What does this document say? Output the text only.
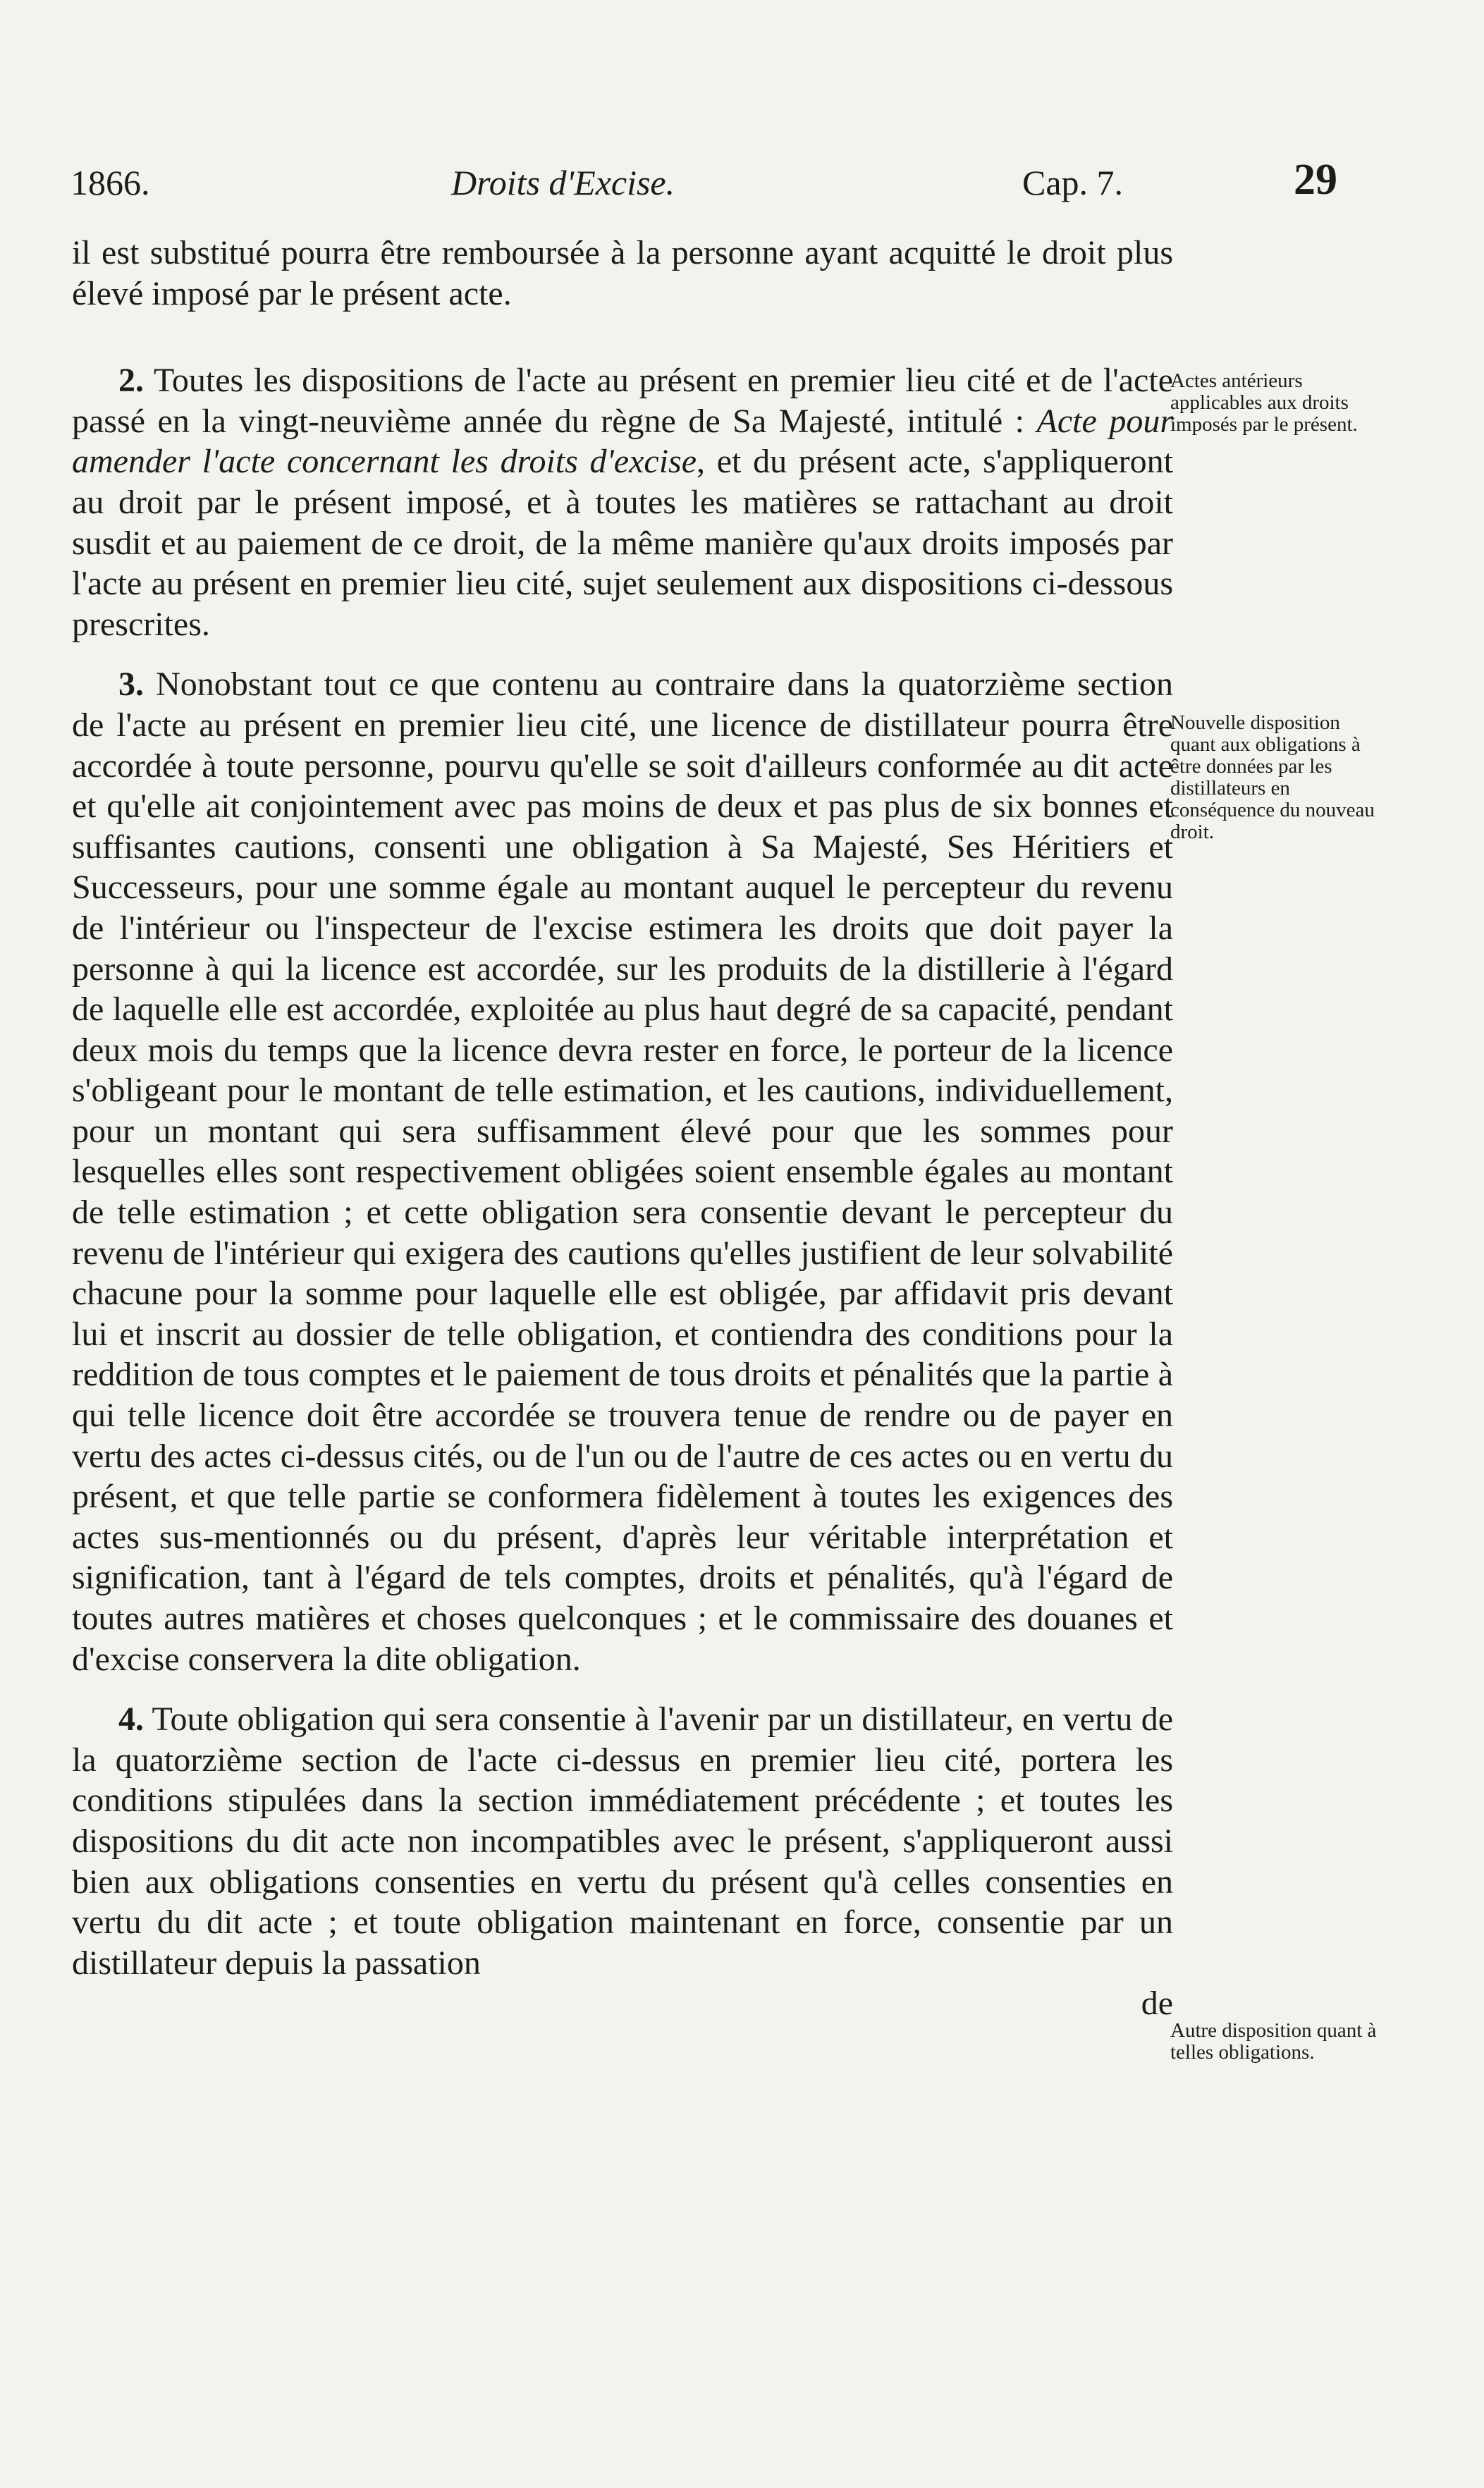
1866.	Droits d'Excise.	Cap. 7.	29

il est substitué pourra être remboursée à la personne ayant acquitté le droit plus élevé imposé par le présent acte.

2. Toutes les dispositions de l'acte au présent en premier lieu cité et de l'acte passé en la vingt-neuvième année du règne de Sa Majesté, intitulé : Acte pour amender l'acte concernant les droits d'excise, et du présent acte, s'appliqueront au droit par le présent imposé, et à toutes les matières se rattachant au droit susdit et au paiement de ce droit, de la même manière qu'aux droits imposés par l'acte au présent en premier lieu cité, sujet seulement aux dispositions ci-dessous prescrites.

3. Nonobstant tout ce que contenu au contraire dans la quatorzième section de l'acte au présent en premier lieu cité, une licence de distillateur pourra être accordée à toute personne, pourvu qu'elle se soit d'ailleurs conformée au dit acte et qu'elle ait conjointement avec pas moins de deux et pas plus de six bonnes et suffisantes cautions, consenti une obligation à Sa Majesté, Ses Héritiers et Successeurs, pour une somme égale au montant auquel le percepteur du revenu de l'intérieur ou l'inspecteur de l'excise estimera les droits que doit payer la personne à qui la licence est accordée, sur les produits de la distillerie à l'égard de laquelle elle est accordée, exploitée au plus haut degré de sa capacité, pendant deux mois du temps que la licence devra rester en force, le porteur de la licence s'obligeant pour le montant de telle estimation, et les cautions, individuellement, pour un montant qui sera suffisamment élevé pour que les sommes pour lesquelles elles sont respectivement obligées soient ensemble égales au montant de telle estimation ; et cette obligation sera consentie devant le percepteur du revenu de l'intérieur qui exigera des cautions qu'elles justifient de leur solvabilité chacune pour la somme pour laquelle elle est obligée, par affidavit pris devant lui et inscrit au dossier de telle obligation, et contiendra des conditions pour la reddition de tous comptes et le paiement de tous droits et pénalités que la partie à qui telle licence doit être accordée se trouvera tenue de rendre ou de payer en vertu des actes ci-dessus cités, ou de l'un ou de l'autre de ces actes ou en vertu du présent, et que telle partie se conformera fidèlement à toutes les exigences des actes sus-mentionnés ou du présent, d'après leur véritable interprétation et signification, tant à l'égard de tels comptes, droits et pénalités, qu'à l'égard de toutes autres matières et choses quelconques ; et le commissaire des douanes et d'excise conservera la dite obligation.

4. Toute obligation qui sera consentie à l'avenir par un distillateur, en vertu de la quatorzième section de l'acte ci-dessus en premier lieu cité, portera les conditions stipulées dans la section immédiatement précédente ; et toutes les dispositions du dit acte non incompatibles avec le présent, s'appliqueront aussi bien aux obligations consenties en vertu du présent qu'à celles consenties en vertu du dit acte ; et toute obligation maintenant en force, consentie par un distillateur depuis la passation

de

Actes antérieurs applicables aux droits imposés par le présent.
Nouvelle disposition quant aux obligations à être données par les distillateurs en conséquence du nouveau droit.
Autre disposition quant à telles obligations.
